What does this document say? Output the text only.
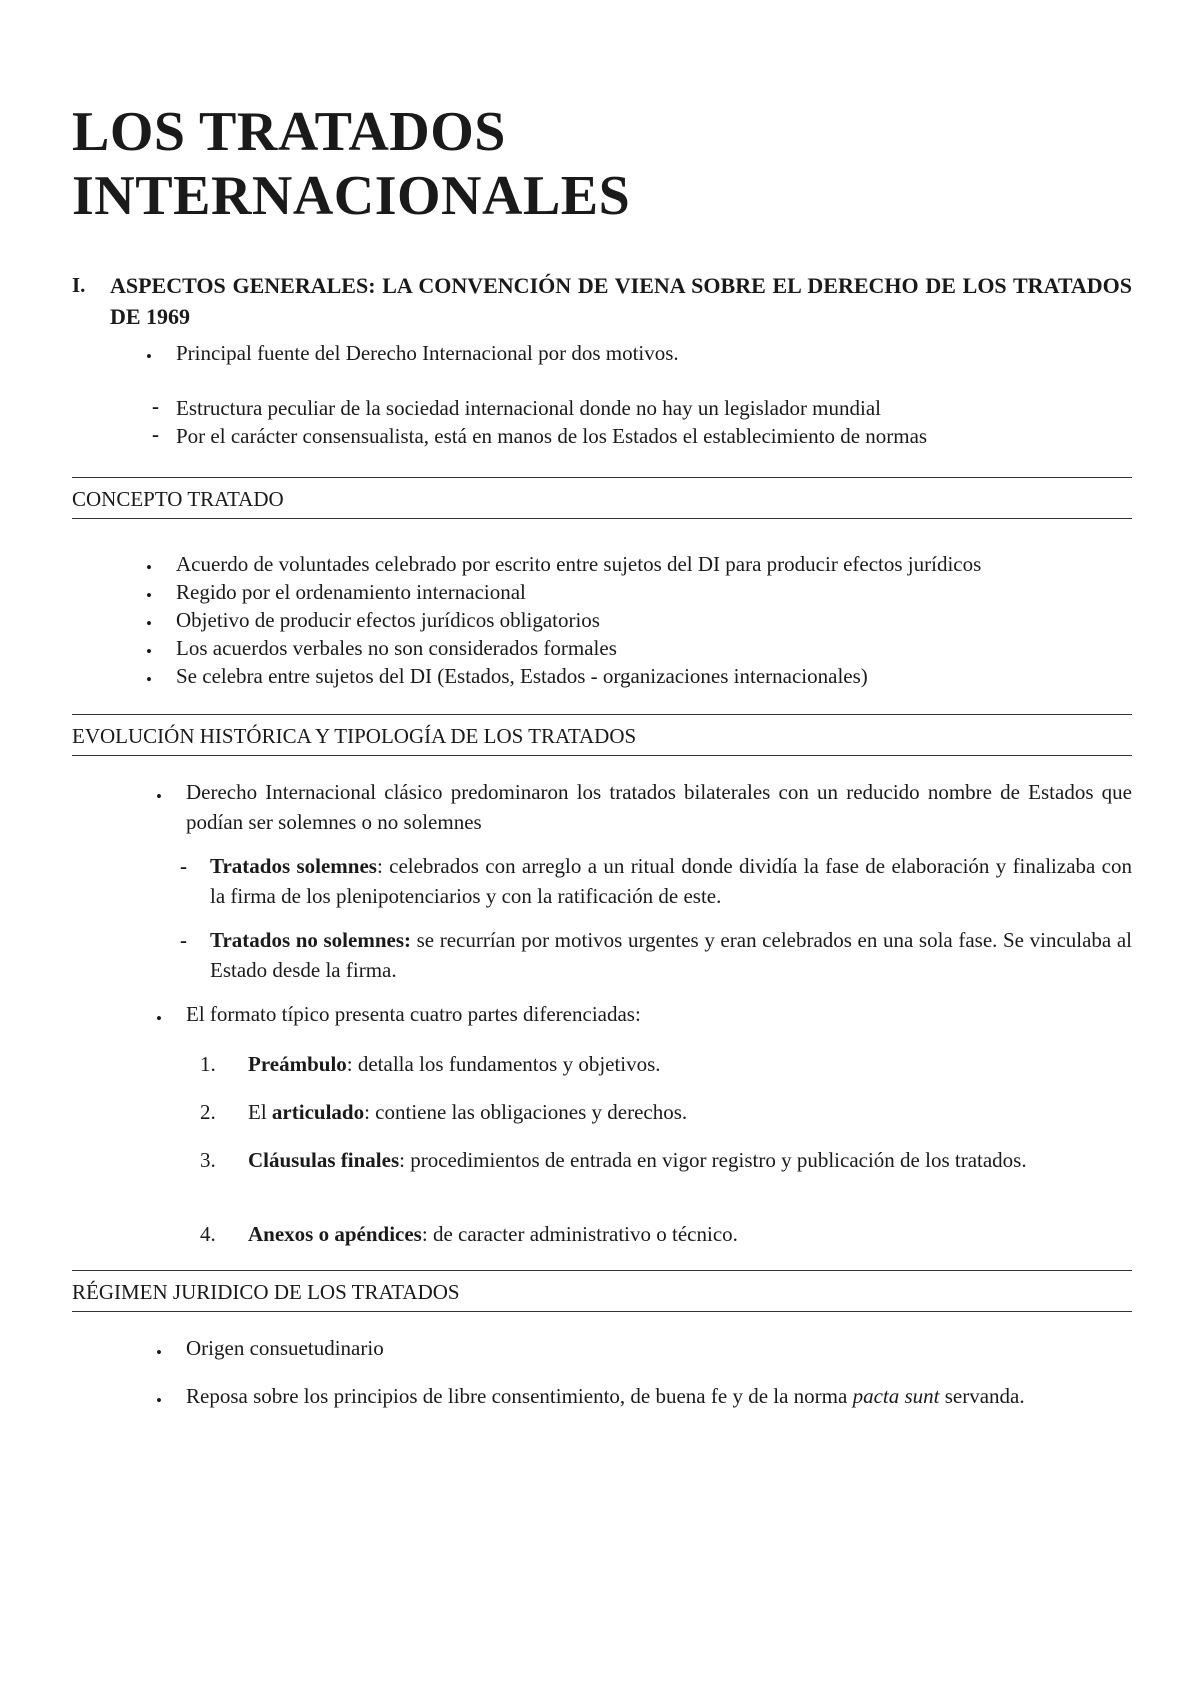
LOS TRATADOS
INTERNACIONALES
I.	ASPECTOS GENERALES: LA CONVENCIÓN DE VIENA SOBRE EL DERECHO DE LOS TRATADOS DE 1969
• Principal fuente del Derecho Internacional por dos motivos.
- Estructura peculiar de la sociedad internacional donde no hay un legislador mundial
- Por el carácter consensualista, está en manos de los Estados el establecimiento de normas
CONCEPTO TRATADO
• Acuerdo de voluntades celebrado por escrito entre sujetos del DI para producir efectos jurídicos
• Regido por el ordenamiento internacional
• Objetivo de producir efectos jurídicos obligatorios
• Los acuerdos verbales no son considerados formales
• Se celebra entre sujetos del DI (Estados, Estados - organizaciones internacionales)
EVOLUCIÓN HISTÓRICA Y TIPOLOGÍA DE LOS TRATADOS
• Derecho Internacional clásico predominaron los tratados bilaterales con un reducido nombre de Estados que podían ser solemnes o no solemnes
- Tratados solemnes: celebrados con arreglo a un ritual donde dividía la fase de elaboración y finalizaba con la firma de los plenipotenciarios y con la ratificación de este.
- Tratados no solemnes: se recurrían por motivos urgentes y eran celebrados en una sola fase. Se vinculaba al Estado desde la firma.
• El formato típico presenta cuatro partes diferenciadas:
1. Preámbulo: detalla los fundamentos y objetivos.
2. El articulado: contiene las obligaciones y derechos.
3. Cláusulas finales: procedimientos de entrada en vigor registro y publicación de los tratados.
4. Anexos o apéndices: de caracter administrativo o técnico.
RÉGIMEN JURIDICO DE LOS TRATADOS
• Origen consuetudinario
• Reposa sobre los principios de libre consentimiento, de buena fe y de la norma pacta sunt servanda.
